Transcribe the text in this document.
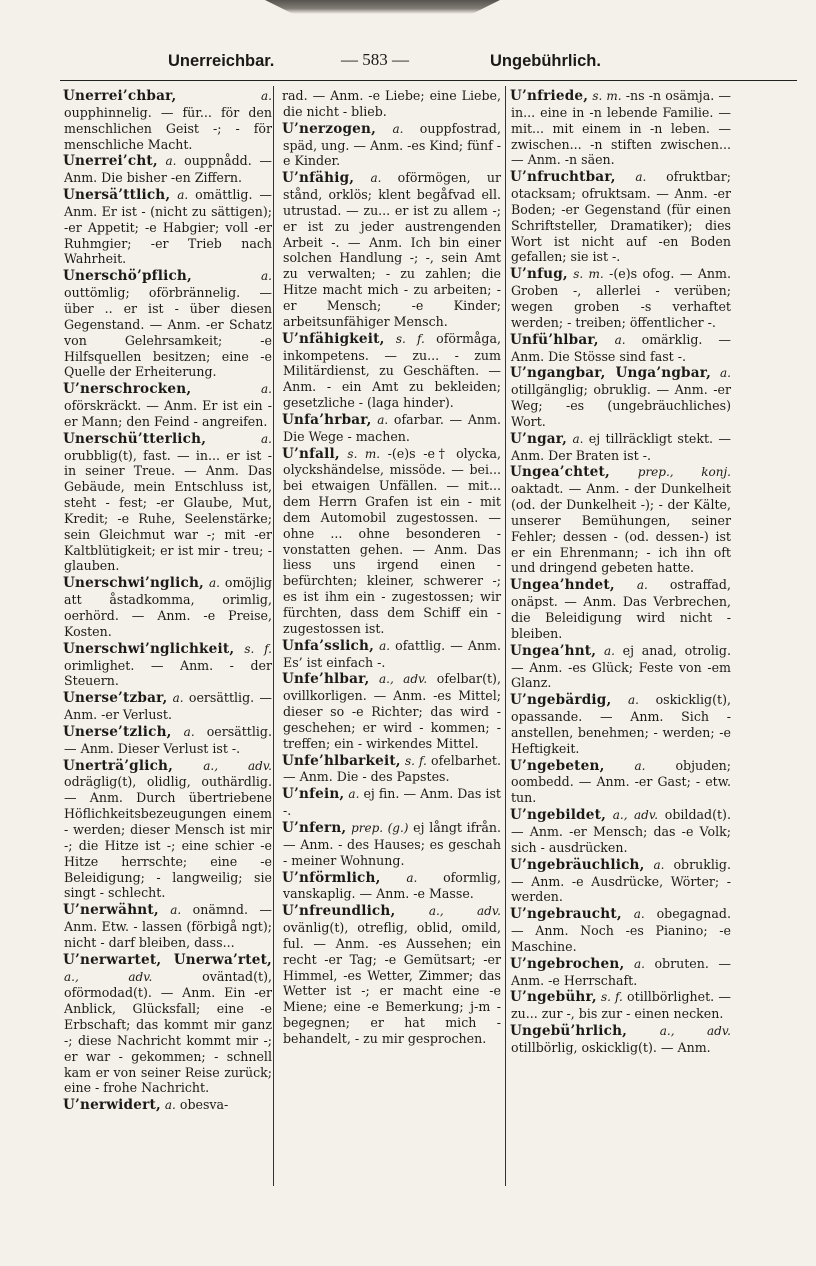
Unerreichbar.	— 583 —	Ungebührlich.
Unerrei’chbar,	a. oupphinnelig. — für... för den menschlichen Geist -; - för menschliche Macht.
Unerrei’cht, a. ouppnådd. — Anm. Die bisher -en Ziffern.
Unersä’ttlich, a. omättlig. — Anm. Er ist - (nicht zu sättigen); -er Appetit; -e Habgier; voll -er Ruhmgier; -er Trieb nach Wahrheit.
Unerschö’pflich,	a. outtömlig; oförbrännelig. — über .. er ist - über diesen Gegenstand. — Anm. -er Schatz von Gelehrsamkeit; -e Hilfsquellen besitzen; eine -e Quelle der Erheiterung.
U’nerschrocken,	a. oförskräckt. — Anm. Er ist ein -er Mann; den Feind - angreifen.
Unerschü’tterlich,	a. orubblig(t), fast. — in... er ist - in seiner Treue. — Anm. Das Gebäude, mein Entschluss ist, steht - fest; -er Glaube, Mut, Kredit; -e Ruhe, Seelenstärke; sein Gleichmut war -; mit -er Kaltblütigkeit; er ist mir - treu; - glauben.
Unerschwi’nglich, a. omöjlig att åstadkomma, orimlig, oerhörd. — Anm. -e Preise, Kosten.
Unerschwi’nglichkeit, s. f. orimlighet. — Anm. - der Steuern.
Unerse’tzbar, a. oersättlig. — Anm. -er Verlust.
Unerse’tzlich, a. oersättlig. — Anm. Dieser Verlust ist -.
Unerträ’glich,	a., adv. odräglig(t), olidlig, outhärdlig. — Anm. Durch übertriebene Höflichkeitsbezeugungen einem - werden; dieser Mensch ist mir -; die Hitze ist -; eine schier -e Hitze herrschte; eine -e Beleidigung; - langweilig; sie singt - schlecht.
U’nerwähnt, a. onämnd. — Anm. Etw. - lassen (förbigå ngt); nicht - darf bleiben, dass...
U’nerwartet, Unerwa’rtet, a., adv.	oväntad(t), oförmodad(t). — Anm. Ein -er Anblick, Glücksfall; eine -e Erbschaft; das kommt mir ganz -; diese Nachricht kommt mir -; er war - gekommen; - schnell kam er von seiner Reise zurück; eine - frohe Nachricht.
U’nerwidert, a. obesva-
rad. — Anm. -e Liebe; eine Liebe, die nicht - blieb.
U’nerzogen, a. ouppfostrad, späd, ung. — Anm. -es Kind; fünf -e Kinder.
U’nfähig, a. oförmögen, ur stånd, orklös; klent begåfvad ell. utrustad. — zu... er ist zu allem -; er ist zu jeder austrengenden Arbeit -. — Anm. Ich bin einer solchen Handlung -; -, sein Amt zu verwalten; - zu zahlen; die Hitze macht mich - zu arbeiten; -er Mensch; -e Kinder; arbeitsunfähiger Mensch.
U’nfähigkeit, s. f. oförmåga, inkompetens. — zu... - zum Militärdienst, zu Geschäften. — Anm. - ein Amt zu bekleiden; gesetzliche - (laga hinder).
Unfa’hrbar, a. ofarbar. — Anm. Die Wege - machen.
U’nfall, s. m. -(e)s -e† olycka, olyckshändelse, missöde. — bei... bei etwaigen Unfällen. — mit... dem Herrn Grafen ist ein - mit dem Automobil zugestossen. — ohne ... ohne besonderen - vonstatten gehen. — Anm. Das liess uns irgend einen - befürchten; kleiner, schwerer -; es ist ihm ein - zugestossen; wir fürchten, dass dem Schiff ein - zugestossen ist.
Unfa’sslich, a. ofattlig. — Anm. Es’ ist einfach -.
Unfe’hlbar, a., adv. ofelbar(t), ovillkorligen. — Anm. -es Mittel; dieser so -e Richter; das wird - geschehen; er wird - kommen; - treffen; ein - wirkendes Mittel.
Unfe’hlbarkeit, s. f. ofelbarhet. — Anm. Die - des Papstes.
U’nfein, a. ej fin. — Anm. Das ist -.
U’nfern, prep. (g.) ej långt ifrån. — Anm. - des Hauses; es geschah - meiner Wohnung.
U’nförmlich, a. oformlig, vanskaplig. — Anm. -e Masse.
U’nfreundlich,	a., adv. ovänlig(t), otreflig, oblid, omild, ful. — Anm. -es Aussehen; ein recht -er Tag; -e Gemütsart; -er Himmel, -es Wetter, Zimmer; das Wetter ist -; er macht eine -e Miene; eine -e Bemerkung; j-m - begegnen; er hat mich - behandelt, - zu mir gesprochen.
U’nfriede, s. m. -ns -n osämja. — in... eine in -n lebende Familie. — mit... mit einem in -n leben. — zwischen... -n stiften zwischen... — Anm. -n säen.
U’nfruchtbar, a. ofruktbar; otacksam; ofruktsam. — Anm. -er Boden; -er Gegenstand (für einen Schriftsteller, Dramatiker); dies Wort ist nicht auf -en Boden gefallen; sie ist -.
U’nfug, s. m. -(e)s ofog. — Anm. Groben -, allerlei - verüben; wegen groben -s verhaftet werden; - treiben; öffentlicher -.
Unfü’hlbar, a. omärklig. — Anm. Die Stösse sind fast -.
U’ngangbar, Unga’ngbar, a. otillgänglig; obruklig. — Anm. -er Weg; -es (ungebräuchliches) Wort.
U’ngar, a. ej tillräckligt stekt. — Anm. Der Braten ist -.
Ungea’chtet, prep., konj. oaktadt. — Anm. - der Dunkelheit (od. der Dunkelheit -); - der Kälte, unserer Bemühungen, seiner Fehler; dessen - (od. dessen-) ist er ein Ehrenmann; - ich ihn oft und dringend gebeten hatte.
Ungea’hndet, a. ostraffad, onäpst. — Anm. Das Verbrechen, die Beleidigung wird nicht - bleiben.
Ungea’hnt, a. ej anad, otrolig. — Anm. -es Glück; Feste von -em Glanz.
U’ngebärdig, a. oskicklig(t), opassande. — Anm. Sich - anstellen, benehmen; - werden; -e Heftigkeit.
U’ngebeten, a. objuden; oombedd. — Anm. -er Gast; - etw. tun.
U’ngebildet, a., adv. obildad(t). — Anm. -er Mensch; das -e Volk; sich - ausdrücken.
U’ngebräuchlich, a. obruklig. — Anm. -e Ausdrücke, Wörter; - werden.
U’ngebraucht, a. obegagnad. — Anm. Noch -es Pianino; -e Maschine.
U’ngebrochen, a. obruten. — Anm. -e Herrschaft.
U’ngebühr, s. f. otillbörlighet. — zu... zur -, bis zur - einen necken.
Ungebü’hrlich,	a., adv. otillbörlig, oskicklig(t). — Anm.
